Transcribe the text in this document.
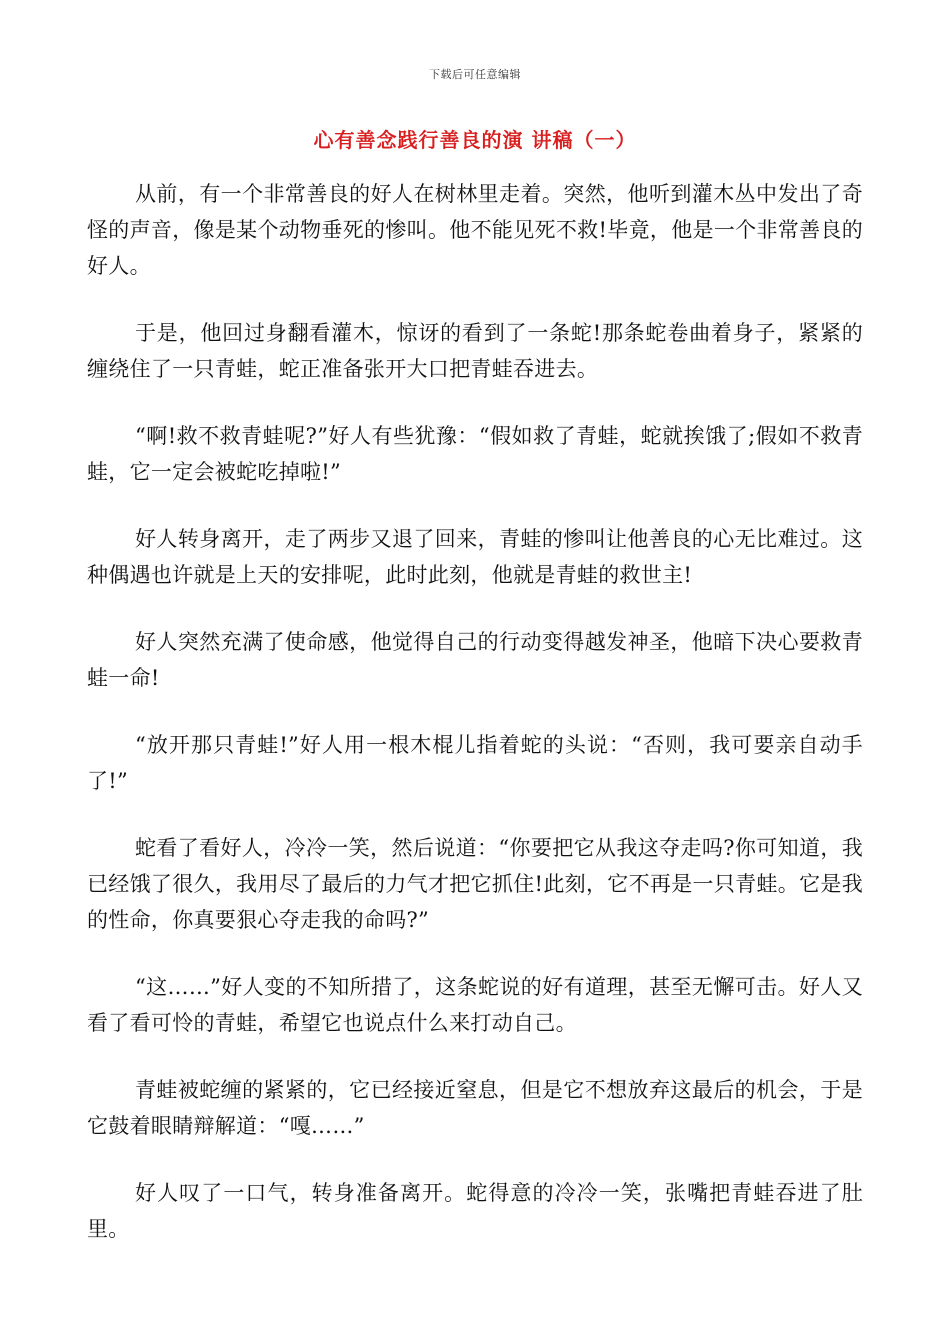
下载后可任意编辑
心有善念践行善良的演 讲稿（一）

从前，有一个非常善良的好人在树林里走着。突然，他听到灌木丛中发出了奇怪的声音，像是某个动物垂死的惨叫。他不能见死不救!毕竟，他是一个非常善良的好人。

于是，他回过身翻看灌木，惊讶的看到了一条蛇!那条蛇卷曲着身子，紧紧的缠绕住了一只青蛙，蛇正准备张开大口把青蛙吞进去。

“啊!救不救青蛙呢?”好人有些犹豫：“假如救了青蛙，蛇就挨饿了;假如不救青蛙，它一定会被蛇吃掉啦!”

好人转身离开，走了两步又退了回来，青蛙的惨叫让他善良的心无比难过。这种偶遇也许就是上天的安排呢，此时此刻，他就是青蛙的救世主!

好人突然充满了使命感，他觉得自己的行动变得越发神圣，他暗下决心要救青蛙一命!

“放开那只青蛙!”好人用一根木棍儿指着蛇的头说：“否则，我可要亲自动手了!”

蛇看了看好人，冷冷一笑，然后说道：“你要把它从我这夺走吗?你可知道，我已经饿了很久，我用尽了最后的力气才把它抓住!此刻，它不再是一只青蛙。它是我的性命，你真要狠心夺走我的命吗?”

“这……”好人变的不知所措了，这条蛇说的好有道理，甚至无懈可击。好人又看了看可怜的青蛙，希望它也说点什么来打动自己。

青蛙被蛇缠的紧紧的，它已经接近窒息，但是它不想放弃这最后的机会，于是它鼓着眼睛辩解道：“嘎……”

好人叹了一口气，转身准备离开。蛇得意的冷冷一笑，张嘴把青蛙吞进了肚里。
